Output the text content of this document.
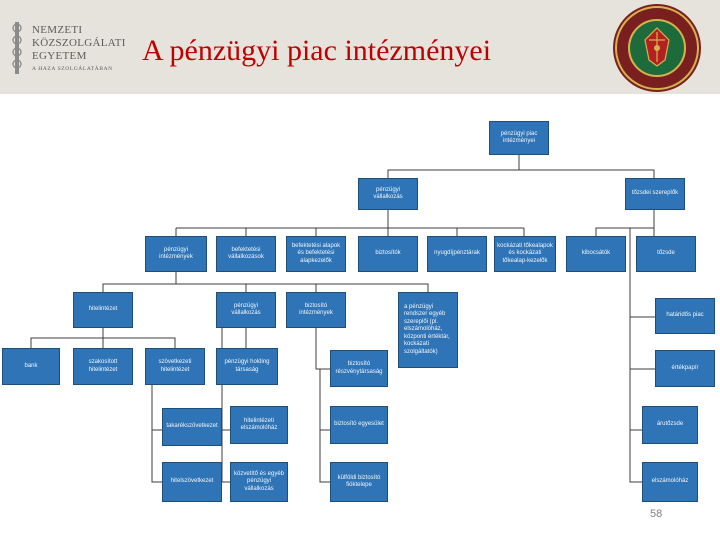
NEMZETI
KÖZSZOLGÁLATI
EGYETEM
A HAZA SZOLGÁLATÁBAN
A pénzügyi piac intézményei
pénzügyi piac intézményei
pénzügyi vállalkozás
tőzsdei szereplők
pénzügyi intézmények
befektetési vállalkozások
befektetési alapok és befektetési alapkezelők
biztosítók	nyugdíjpénztárak
kockázati tőkealapok és kockázati tőkealap-kezelők
kibocsátók	tőzsde
hitelintézet
pénzügyi vállalkozás
biztosító intézmények
a pénzügyi rendszer egyéb szereplői (pl. elszámolóház, központi értéktár, kockázati szolgáltatók)
bank
szakosított hitelintézet
szövetkezeti hitelintézet
pénzügyi holding társaság
biztosító részvénytársaság
értékpapír
takarékszövetkezet
hitelintézeti elszámolóház
biztosító egyesület	árutőzsde
határidős piac
hitelszövetkezet
közvetítő és egyéb pénzügyi vállalkozás
külföldi biztosító fióktelepe
elszámolóház
58
